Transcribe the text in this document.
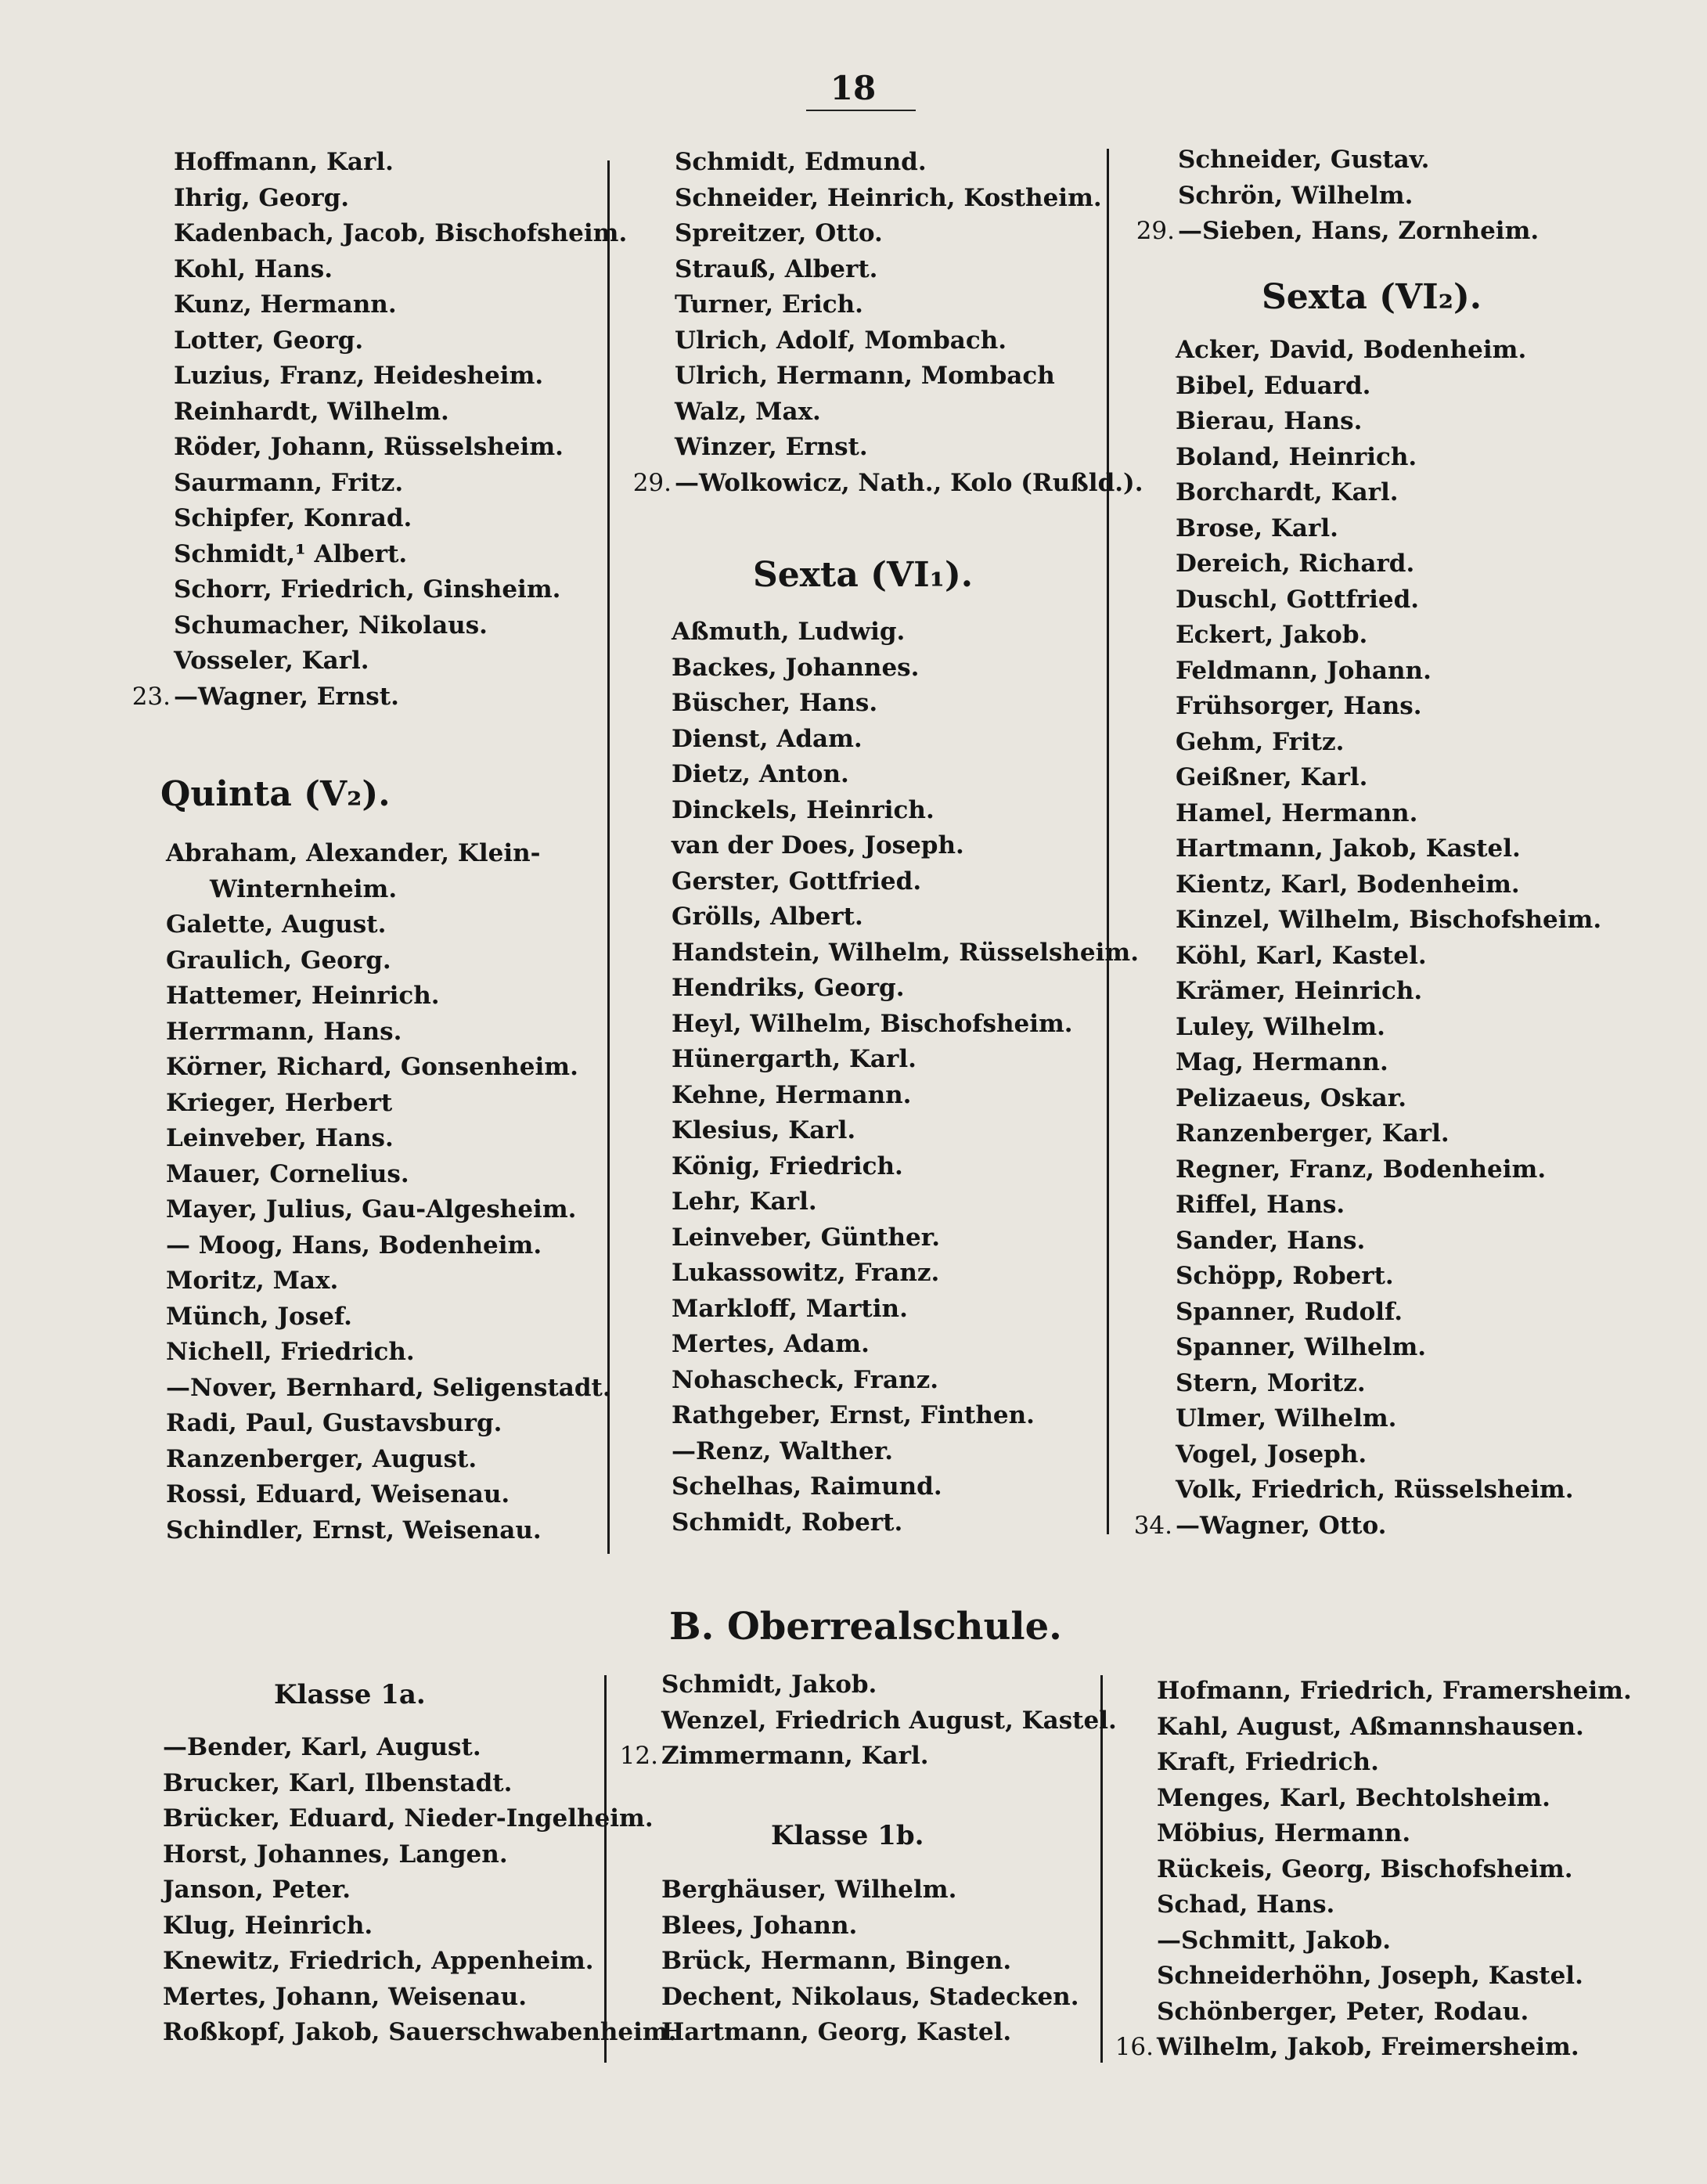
18
Hoffmann, Karl.
Ihrig, Georg.
Kadenbach, Jacob, Bischofsheim.
Kohl, Hans.
Kunz, Hermann.
Lotter, Georg.
Luzius, Franz, Heidesheim.
Reinhardt, Wilhelm.
Röder, Johann, Rüsselsheim.
Saurmann, Fritz.
Schipfer, Konrad.
Schmidt,¹ Albert.
Schorr, Friedrich, Ginsheim.
Schumacher, Nikolaus.
Vosseler, Karl.
23. —Wagner, Ernst.
Quinta (V₂).
Abraham, Alexander, Klein-
Winternheim.
Galette, August.
Graulich, Georg.
Hattemer, Heinrich.
Herrmann, Hans.
Körner, Richard, Gonsenheim.
Krieger, Herbert
Leinveber, Hans.
Mauer, Cornelius.
Mayer, Julius, Gau-Algesheim.
— Moog, Hans, Bodenheim.
Moritz, Max.
Münch, Josef.
Nichell, Friedrich.
—Nover, Bernhard, Seligenstadt.
Radi, Paul, Gustavsburg.
Ranzenberger, August.
Rossi, Eduard, Weisenau.
Schindler, Ernst, Weisenau.
Schmidt, Edmund.
Schneider, Heinrich, Kostheim.
Spreitzer, Otto.
Strauß, Albert.
Turner, Erich.
Ulrich, Adolf, Mombach.
Ulrich, Hermann, Mombach
Walz, Max.
Winzer, Ernst.
29. —Wolkowicz, Nath., Kolo (Rußld.).
Sexta (VI₁).
Aßmuth, Ludwig.
Backes, Johannes.
Büscher, Hans.
Dienst, Adam.
Dietz, Anton.
Dinckels, Heinrich.
van der Does, Joseph.
Gerster, Gottfried.
Grölls, Albert.
Handstein, Wilhelm, Rüsselsheim.
Hendriks, Georg.
Heyl, Wilhelm, Bischofsheim.
Hünergarth, Karl.
Kehne, Hermann.
Klesius, Karl.
König, Friedrich.
Lehr, Karl.
Leinveber, Günther.
Lukassowitz, Franz.
Markloff, Martin.
Mertes, Adam.
Nohascheck, Franz.
Rathgeber, Ernst, Finthen.
—Renz, Walther.
Schelhas, Raimund.
Schmidt, Robert.
Schneider, Gustav.
Schrön, Wilhelm.
29. —Sieben, Hans, Zornheim.
Sexta (VI₂).
Acker, David, Bodenheim.
Bibel, Eduard.
Bierau, Hans.
Boland, Heinrich.
Borchardt, Karl.
Brose, Karl.
Dereich, Richard.
Duschl, Gottfried.
Eckert, Jakob.
Feldmann, Johann.
Frühsorger, Hans.
Gehm, Fritz.
Geißner, Karl.
Hamel, Hermann.
Hartmann, Jakob, Kastel.
Kientz, Karl, Bodenheim.
Kinzel, Wilhelm, Bischofsheim.
Köhl, Karl, Kastel.
Krämer, Heinrich.
Luley, Wilhelm.
Mag, Hermann.
Pelizaeus, Oskar.
Ranzenberger, Karl.
Regner, Franz, Bodenheim.
Riffel, Hans.
Sander, Hans.
Schöpp, Robert.
Spanner, Rudolf.
Spanner, Wilhelm.
Stern, Moritz.
Ulmer, Wilhelm.
Vogel, Joseph.
Volk, Friedrich, Rüsselsheim.
34. —Wagner, Otto.
B. Oberrealschule.
Klasse 1a.
—Bender, Karl, August.
Brucker, Karl, Ilbenstadt.
Brücker, Eduard, Nieder-Ingelheim.
Horst, Johannes, Langen.
Janson, Peter.
Klug, Heinrich.
Knewitz, Friedrich, Appenheim.
Mertes, Johann, Weisenau.
Roßkopf, Jakob, Sauerschwabenheim.
Schmidt, Jakob.
Wenzel, Friedrich August, Kastel.
12. Zimmermann, Karl.
Klasse 1b.
Berghäuser, Wilhelm.
Blees, Johann.
Brück, Hermann, Bingen.
Dechent, Nikolaus, Stadecken.
Hartmann, Georg, Kastel.
Hofmann, Friedrich, Framersheim.
Kahl, August, Aßmannshausen.
Kraft, Friedrich.
Menges, Karl, Bechtolsheim.
Möbius, Hermann.
Rückeis, Georg, Bischofsheim.
Schad, Hans.
—Schmitt, Jakob.
Schneiderhöhn, Joseph, Kastel.
Schönberger, Peter, Rodau.
16. Wilhelm, Jakob, Freimersheim.
